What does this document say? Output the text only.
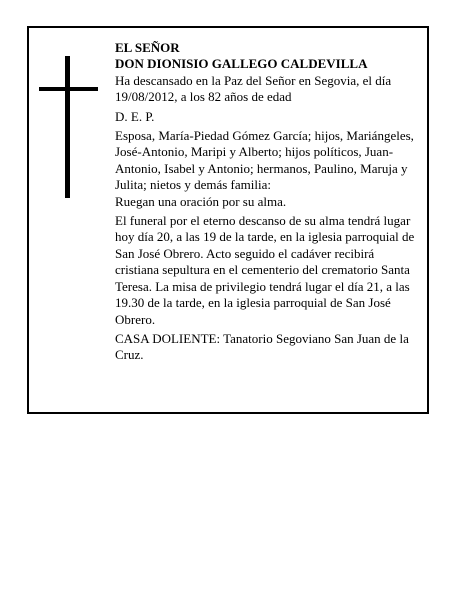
EL SEÑOR

DON DIONISIO GALLEGO CALDEVILLA

Ha descansado en la Paz del Señor en Segovia, el día 19/08/2012, a los 82 años de edad

D. E. P.

Esposa, María-Piedad Gómez García; hijos, Mariángeles, José-Antonio, Maripi y Alberto; hijos políticos, Juan-Antonio, Isabel y Antonio; hermanos, Paulino, Maruja y Julita; nietos y demás familia:

Ruegan una oración por su alma.

El funeral por el eterno descanso de su alma tendrá lugar hoy día 20, a las 19 de la tarde, en la iglesia parroquial de San José Obrero. Acto seguido el cadáver recibirá cristiana sepultura en el cementerio del crematorio Santa Teresa. La misa de privilegio tendrá lugar el día 21, a las 19.30 de la tarde, en la iglesia parroquial de San José Obrero.

CASA DOLIENTE: Tanatorio Segoviano San Juan de la Cruz.
